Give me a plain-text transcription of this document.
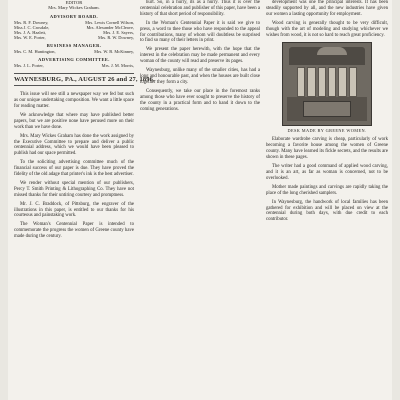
EDITOR
Mrs. Mary Wickes Graham.
ADVISORY BOARD.
Mrs. R. F. Downey,	Mrs. Lewis Cornell Wilson,
Miss J. C. Crosdale,	Mrs. Alexander McCleave,
Mrs. J. A. Hazlett,	Mrs. J. E. Sayers,
Mrs. W. E. Porter,	Mrs. R. W. Downey,
BUSINESS MANAGER.
Mrs. C. M. Huntington,	Mrs. W. B. McKinney,
ADVERTISING COMMITTEE.
Mrs. J. L. Porter,	Mrs. J. M. Morris,
WAYNESBURG, PA., AUGUST 26 and 27, 1896.

This issue will see still a newspaper way we fed but such as our unique undertaking composition. We want a little space for reading matter.

We acknowledge that where may have published better papers, but we are positive none have perused more on their work than we have done.

Mrs. Mary Wickes Graham has done the work assigned by the Executive Committee to prepare and deliver a public centennial address, which we would have been pleased to publish had our space permitted.

To the soliciting advertising committee much of the financial success of our paper is due. They have proved the fidelity of the old adage that printer's ink is the best advertiser.

We render without special mention of our publishers, Percy T. Smith Printing & Lithographing Co. They have not missed thanks for their untiring courtesy and promptness.

Mr. J. C. Braddock, of Pittsburg, the engraver of the illustrations in this paper, is entitled to our thanks for his courteous and painstaking work.

The Woman's Centennial Paper is intended to commemorate the progress the women of Greene county have made during the century.

hurt. So, in a hurry, its as a hurry. Thus it is over the centennial celebration and publisher of this paper, have been a history of that short period of responsibility.

In the Woman's Centennial Paper it is said we give to press, a word to thee those who have responded to the appeal for contributions, many of whom will doubtless be surprised to find so many of their letters in print.

We present the paper herewith, with the hope that the interest in the celebration may be made permanent and every woman of the county will read and preserve its pages.

Waynesburg, unlike many of the smaller cities, has had a long and honourable past, and when the houses are built close together they form a city.

Consequently, we take our place in the foremost ranks among those who have ever sought to preserve the history of the county in a practical form and to hand it down to the coming generations.

development was one the principal interests. It has been steadily supported by all, and the new industries have given our women a lasting opportunity for employment.

Wood carving is generally thought to be very difficult, though with the art of modeling and studying whichever we wishes from wood, it is not so hard to reach great proficiency.

DESK MADE BY GREENE WOMEN.

Elaborate wardrobe carving is cheap, particularly of work becoming a favorite house among the women of Greene county. Many have learned its fickle secrets, and the results are shown in these pages.

The writer had a good command of applied wood carving, and it is an art, as far as woman is concerned, not to be overlooked.

Mother made paintings and carvings are rapidly taking the place of the long cherished samplers.

In Waynesburg, the handwork of local families has been gathered for exhibition and will be placed on view at the centennial during both days, with due credit to each contributor.
